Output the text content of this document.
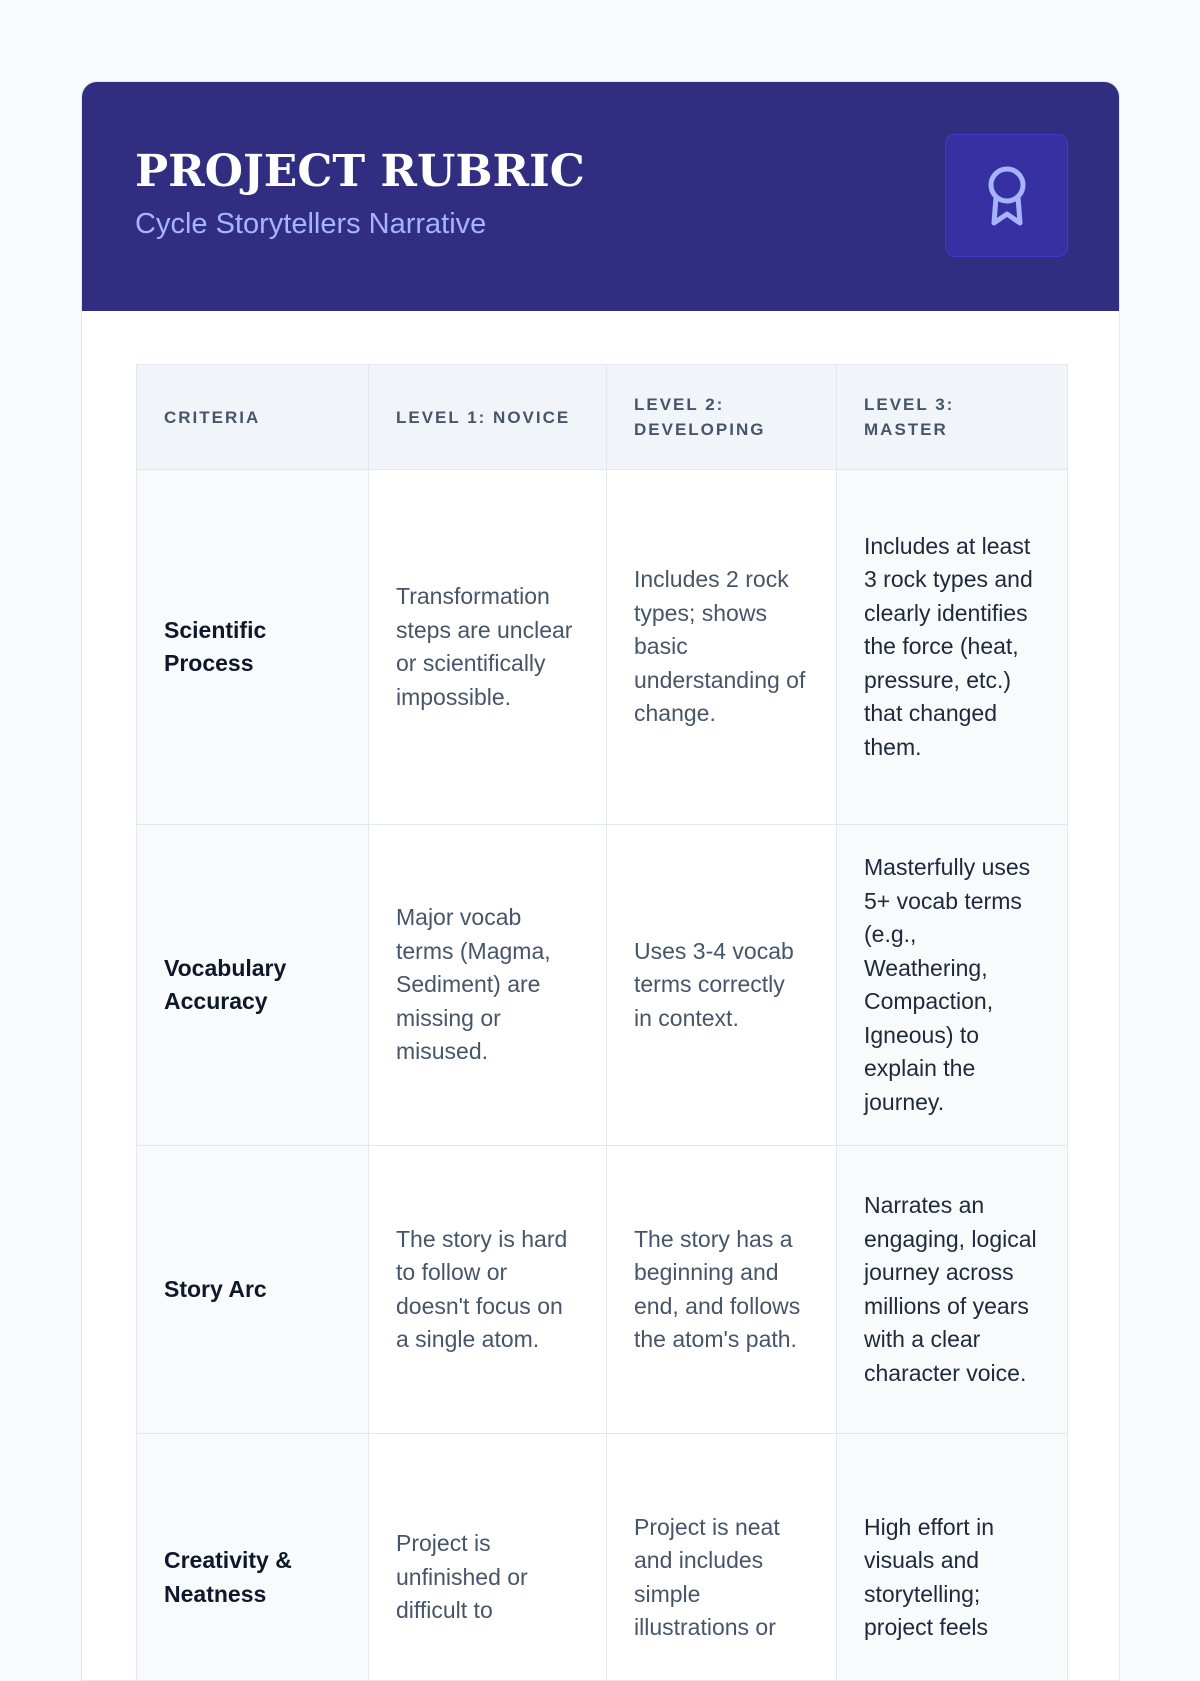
PROJECT RUBRIC
Cycle Storytellers Narrative
CRITERIA	LEVEL 1: NOVICE	LEVEL 2: DEVELOPING	LEVEL 3: MASTER
Scientific Process	Transformation steps are unclear or scientifically impossible.	Includes 2 rock types; shows basic understanding of change.	Includes at least 3 rock types and clearly identifies the force (heat, pressure, etc.) that changed them.
Vocabulary Accuracy	Major vocab terms (Magma, Sediment) are missing or misused.	Uses 3-4 vocab terms correctly in context.	Masterfully uses 5+ vocab terms (e.g., Weathering, Compaction, Igneous) to explain the journey.
Story Arc	The story is hard to follow or doesn't focus on a single atom.	The story has a beginning and end, and follows the atom's path.	Narrates an engaging, logical journey across millions of years with a clear character voice.
Creativity & Neatness	Project is unfinished or difficult to	Project is neat and includes simple illustrations or	High effort in visuals and storytelling; project feels
